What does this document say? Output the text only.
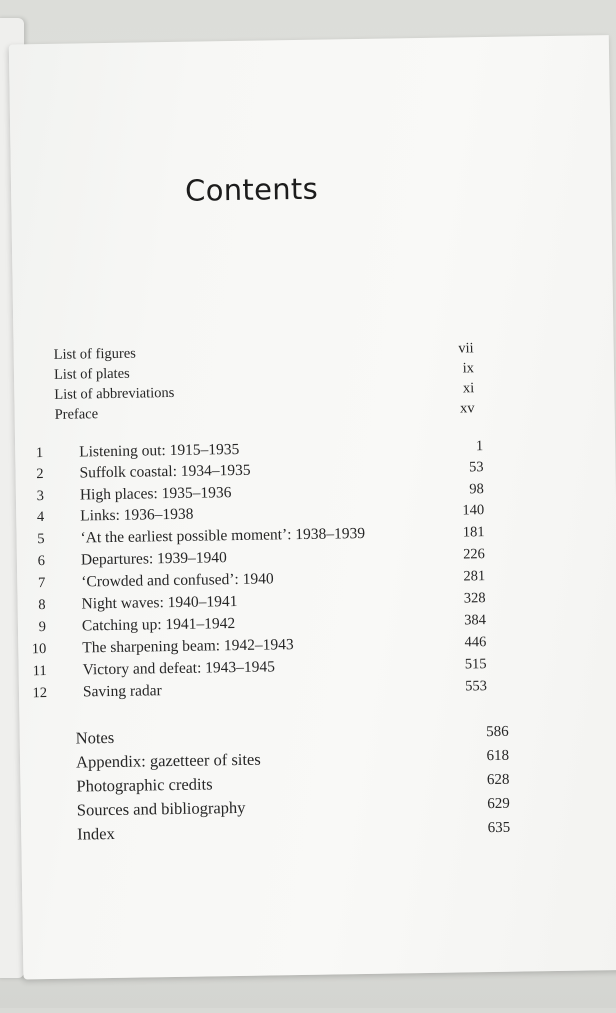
Contents
List of figures	vii
List of plates	ix
List of abbreviations	xi
Preface	xv
1 Listening out: 1915–1935	1
2 Suffolk coastal: 1934–1935	53
3 High places: 1935–1936	98
4 Links: 1936–1938	140
5 ‘At the earliest possible moment’: 1938–1939	181
6 Departures: 1939–1940	226
7 ‘Crowded and confused’: 1940	281
8 Night waves: 1940–1941	328
9 Catching up: 1941–1942	384
10 The sharpening beam: 1942–1943	446
11 Victory and defeat: 1943–1945	515
12 Saving radar	553
Notes	586
Appendix: gazetteer of sites	618
Photographic credits	628
Sources and bibliography	629
Index	635
